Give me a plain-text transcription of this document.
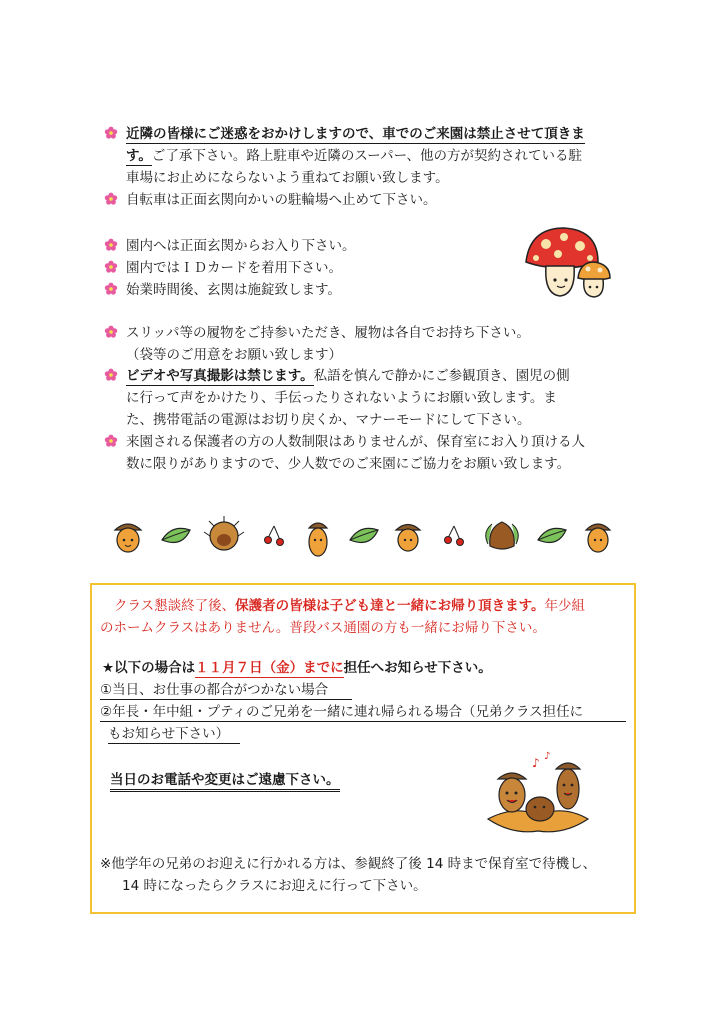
近隣の皆様にご迷惑をおかけしますので、車でのご来園は禁止させて頂きま
す。ご了承下さい。路上駐車や近隣のスーパー、他の方が契約されている駐
車場にお止めにならないよう重ねてお願い致します。
自転車は正面玄関向かいの駐輪場へ止めて下さい。
園内へは正面玄関からお入り下さい。
園内ではＩＤカードを着用下さい。
始業時間後、玄関は施錠致します。
スリッパ等の履物をご持参いただき、履物は各自でお持ち下さい。
（袋等のご用意をお願い致します）
ビデオや写真撮影は禁じます。私語を慎んで静かにご参観頂き、園児の側
に行って声をかけたり、手伝ったりされないようにお願い致します。ま
た、携帯電話の電源はお切り戻くか、マナーモードにして下さい。
来園される保護者の方の人数制限はありませんが、保育室にお入り頂ける人
数に限りがありますので、少人数でのご来園にご協力をお願い致します。
クラス懇談終了後、保護者の皆様は子ども達と一緒にお帰り頂きます。年少組
のホームクラスはありません。普段バス通園の方も一緒にお帰り下さい。
★以下の場合は１１月７日（金）までに担任へお知らせ下さい。
①当日、お仕事の都合がつかない場合
②年長・年中組・プティのご兄弟を一緒に連れ帰られる場合（兄弟クラス担任に
もお知らせ下さい）
当日のお電話や変更はご遠慮下さい。
♪ ♪
※他学年の兄弟のお迎えに行かれる方は、参観終了後 14 時まで保育室で待機し、
14 時になったらクラスにお迎えに行って下さい。
